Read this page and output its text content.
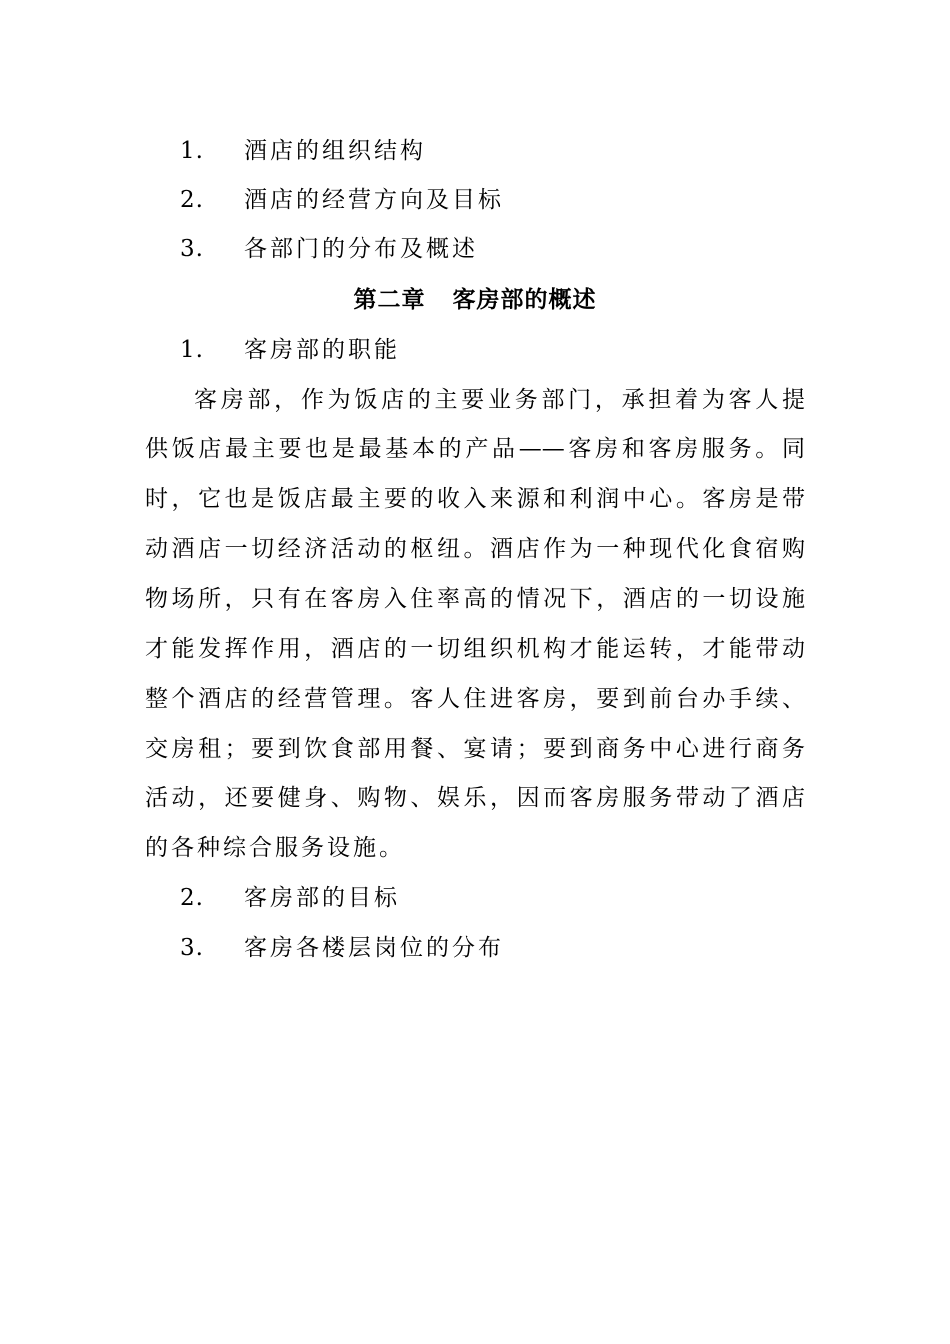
1. 酒店的组织结构
2. 酒店的经营方向及目标
3. 各部门的分布及概述
第二章   客房部的概述
1. 客房部的职能
客房部，作为饭店的主要业务部门，承担着为客人提
供饭店最主要也是最基本的产品——客房和客房服务。同
时，它也是饭店最主要的收入来源和利润中心。客房是带
动酒店一切经济活动的枢纽。酒店作为一种现代化食宿购
物场所，只有在客房入住率高的情况下，酒店的一切设施
才能发挥作用，酒店的一切组织机构才能运转，才能带动
整个酒店的经营管理。客人住进客房，要到前台办手续、
交房租；要到饮食部用餐、宴请；要到商务中心进行商务
活动，还要健身、购物、娱乐，因而客房服务带动了酒店
的各种综合服务设施。
2. 客房部的目标
3. 客房各楼层岗位的分布
